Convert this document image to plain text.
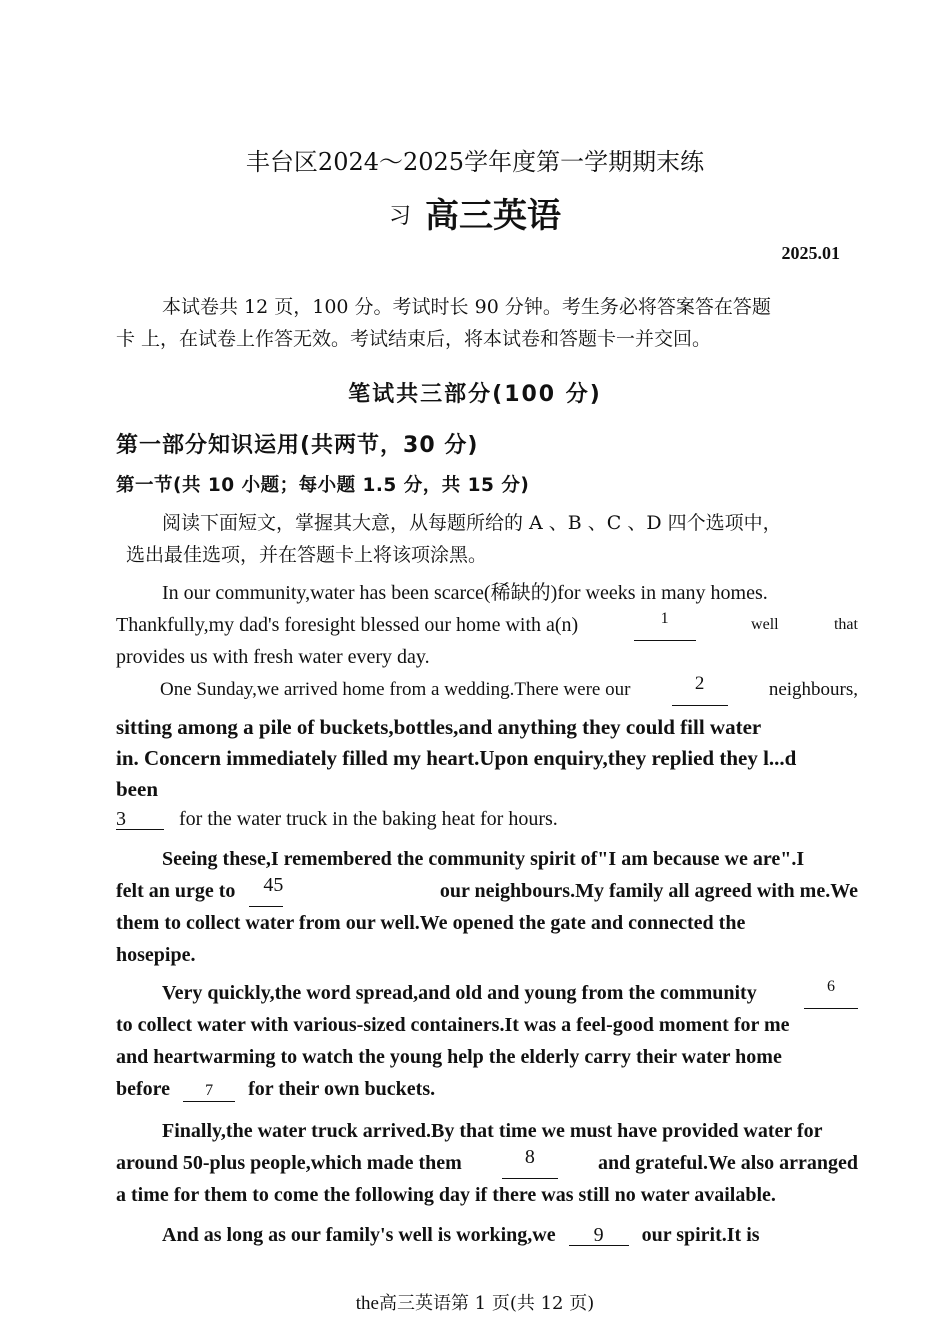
丰台区2024～2025学年度第一学期期末练
习 高三英语
2025.01
本试卷共 12 页，100 分。考试时长 90 分钟。考生务必将答案答在答题
卡 上，在试卷上作答无效。考试结束后，将本试卷和答题卡一并交回。
笔试共三部分(100 分)
第一部分知识运用(共两节，30 分)
第一节(共 10 小题；每小题 1.5 分，共 15 分)
阅读下面短文，掌握其大意，从每题所给的 A 、B 、C 、D 四个选项中，
选出最佳选项，并在答题卡上将该项涂黑。
In our community,water has been scarce(稀缺的)for weeks in many homes.
Thankfully,my dad's foresight blessed our home with a(n)	1	well	that
provides us with fresh water every day.
One Sunday,we arrived home from a wedding.There were our	2	neighbours,
sitting among a pile of buckets,bottles,and anything they could fill water
in. Concern immediately filled my heart.Upon enquiry,they replied they l...d
been
3	for the water truck in the baking heat for hours.
Seeing these,I remembered the community spirit of"I am because we are".I
felt an urge to	45	our neighbours.My family all agreed with me.We
them to collect water from our well.We opened the gate and connected the
hosepipe.
Very quickly,the word spread,and old and young from the community	6
to collect water with various-sized containers.It was a feel-good moment for me
and heartwarming to watch the young help the elderly carry their water home
before 7 for their own buckets.
Finally,the water truck arrived.By that time we must have provided water for
around 50-plus people,which made them	8	and grateful.We also arranged
a time for them to come the following day if there was still no water available.
And as long as our family's well is working,we 9 our spirit.It is
the高三英语第 1 页(共 12 页)
